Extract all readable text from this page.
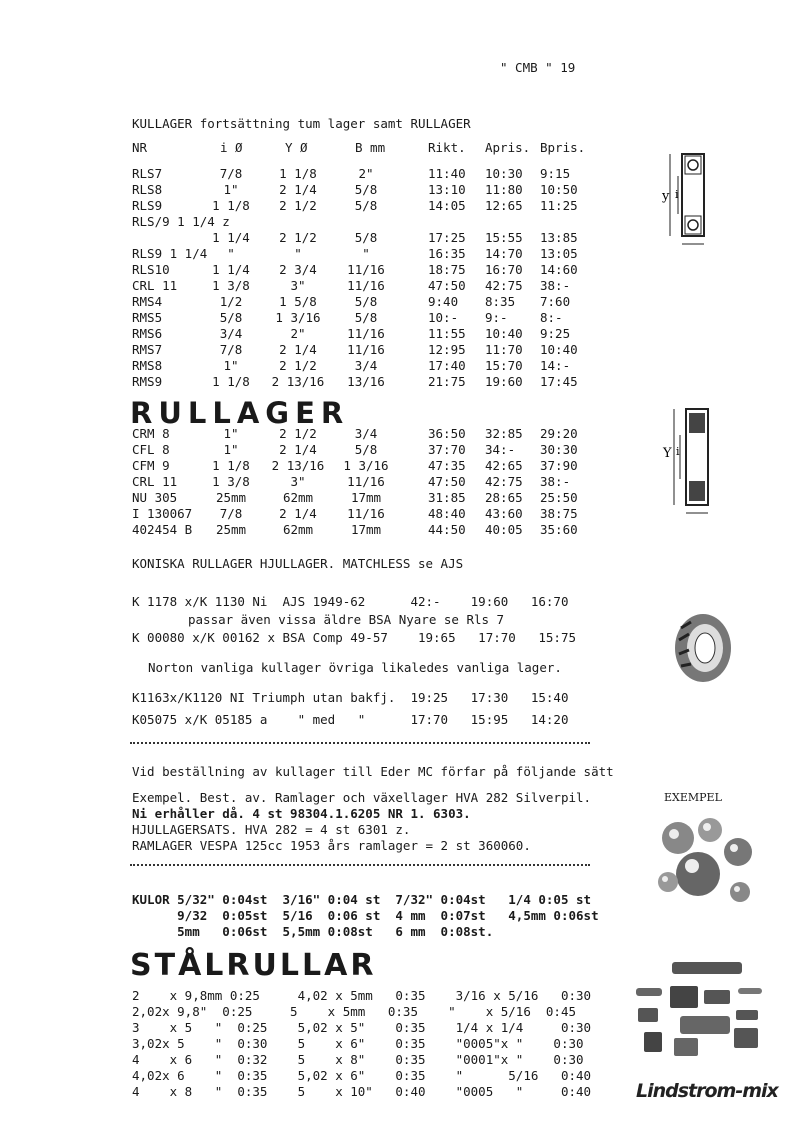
" CMB " 19
KULLAGER fortsättning tum lager samt RULLAGER
NR	i Ø	Y Ø	B mm	Rikt. Apris. Bpris.
RLS7	7/8	1 1/8	2"	11:40 10:30 9:15
RLS8	1"	2 1/4	5/8	13:10 11:80 10:50
RLS9	1 1/8	2 1/2	5/8	14:05 12:65 11:25
RLS/9 1 1/4 z
1 1/4	2 1/2	5/8	17:25 15:55 13:85
RLS9 1 1/4	"	"	"	16:35 14:70 13:05
RLS10	1 1/4	2 3/4	11/16	18:75 16:70 14:60
CRL 11	1 3/8	3"	11/16	47:50 42:75 38:-
RMS4	1/2	1 5/8	5/8	9:40 8:35 7:60
RMS5	5/8	1 3/16	5/8	10:- 9:-	8:-
RMS6	3/4	2"	11/16	11:55 10:40 9:25
RMS7	7/8	2 1/4	11/16	12:95 11:70 10:40
RMS8	1"	2 1/2	3/4	17:40 15:70 14:-
RMS9	1 1/8	2 13/16	13/16	21:75 19:60 17:45
y i
RULLAGER
CRM 8	1"	2 1/2	3/4	36:50 32:85 29:20
CFL 8	1"	2 1/4	5/8	37:70 34:- 30:30
CFM 9	1 1/8	2 13/16	1 3/16	47:35 42:65 37:90
CRL 11	1 3/8	3"	11/16	47:50 42:75 38:-
NU 305	25mm	62mm	17mm	31:85 28:65 25:50
I 130067	7/8	2 1/4	11/16	48:40 43:60 38:75
402454 B	25mm	62mm	17mm	44:50 40:05 35:60
Y i
KONISKA RULLAGER HJULLAGER. MATCHLESS se AJS
K 1178 x/K 1130 Ni  AJS 1949-62      42:-    19:60   16:70
passar även vissa äldre BSA Nyare se Rls 7
K 00080 x/K 00162 x BSA Comp 49-57    19:65   17:70   15:75
Norton vanliga kullager övriga likaledes vanliga lager.
K1163x/K1120 NI Triumph utan bakfj.  19:25   17:30   15:40
K05075 x/K 05185 a    " med   "      17:70   15:95   14:20
Vid beställning av kullager till Eder MC förfar på följande sätt
Exempel. Best. av. Ramlager och växellager HVA 282 Silverpil.
Ni erhåller då. 4 st 98304.1.6205 NR 1. 6303.
HJULLAGERSATS. HVA 282 = 4 st 6301 z.
RAMLAGER VESPA 125cc 1953 års ramlager = 2 st 360060.
EXEMPEL
KULOR 5/32" 0:04st  3/16" 0:04 st  7/32" 0:04st   1/4 0:05 st
9/32  0:05st  5/16  0:06 st  4 mm  0:07st   4,5mm 0:06st
5mm   0:06st  5,5mm 0:08st   6 mm  0:08st.
STÅLRULLAR
2    x 9,8mm 0:25     4,02 x 5mm   0:35    3/16 x 5/16   0:30
2,02x 9,8"  0:25     5    x 5mm   0:35    "    x 5/16  0:45
3    x 5   "  0:25    5,02 x 5"    0:35    1/4 x 1/4     0:30
3,02x 5    "  0:30    5    x 6"    0:35    "0005"x "    0:30
4    x 6   "  0:32    5    x 8"    0:35    "0001"x "    0:30
4,02x 6    "  0:35    5,02 x 6"    0:35    "      5/16   0:40
4    x 8   "  0:35    5    x 10"   0:40    "0005   "     0:40 Lindstrom-mix
